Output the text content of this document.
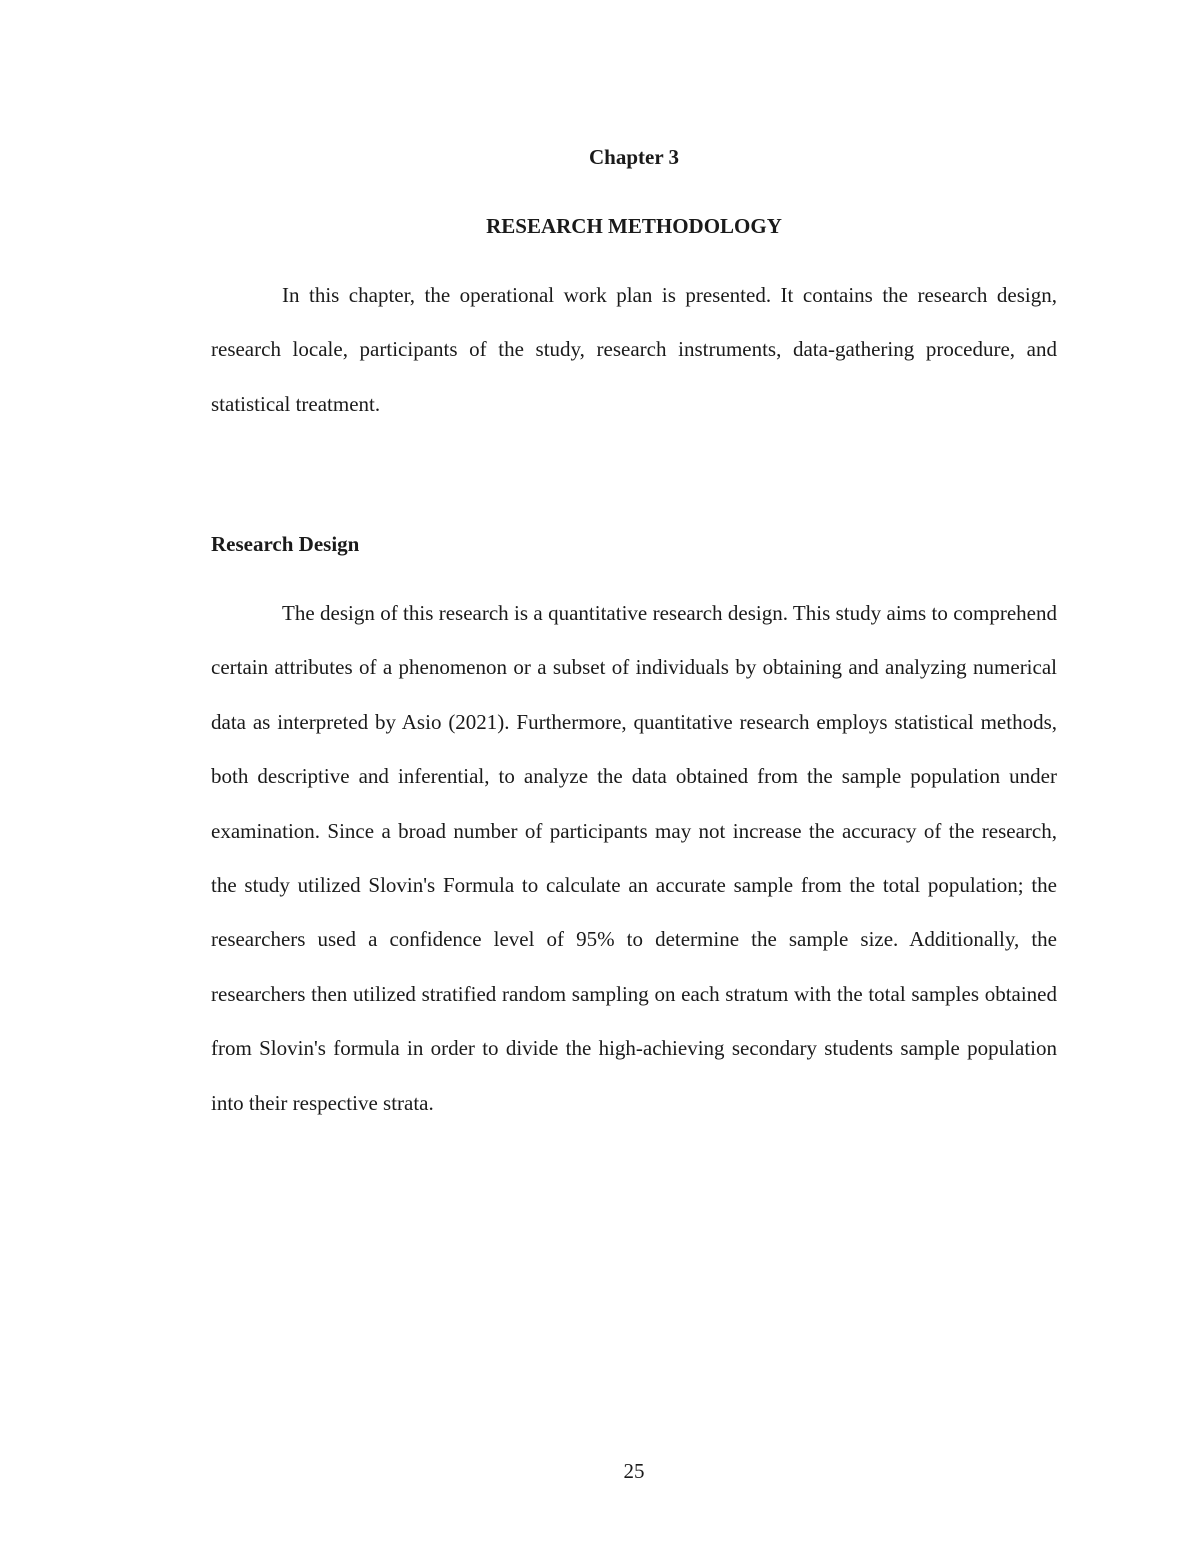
Chapter 3
RESEARCH METHODOLOGY

In this chapter, the operational work plan is presented. It contains the research design, research locale, participants of the study, research instruments, data-gathering procedure, and statistical treatment.

Research Design

The design of this research is a quantitative research design. This study aims to comprehend certain attributes of a phenomenon or a subset of individuals by obtaining and analyzing numerical data as interpreted by Asio (2021). Furthermore, quantitative research employs statistical methods, both descriptive and inferential, to analyze the data obtained from the sample population under examination. Since a broad number of participants may not increase the accuracy of the research, the study utilized Slovin's Formula to calculate an accurate sample from the total population; the researchers used a confidence level of 95% to determine the sample size. Additionally, the researchers then utilized stratified random sampling on each stratum with the total samples obtained from Slovin's formula in order to divide the high-achieving secondary students sample population into their respective strata.

25
